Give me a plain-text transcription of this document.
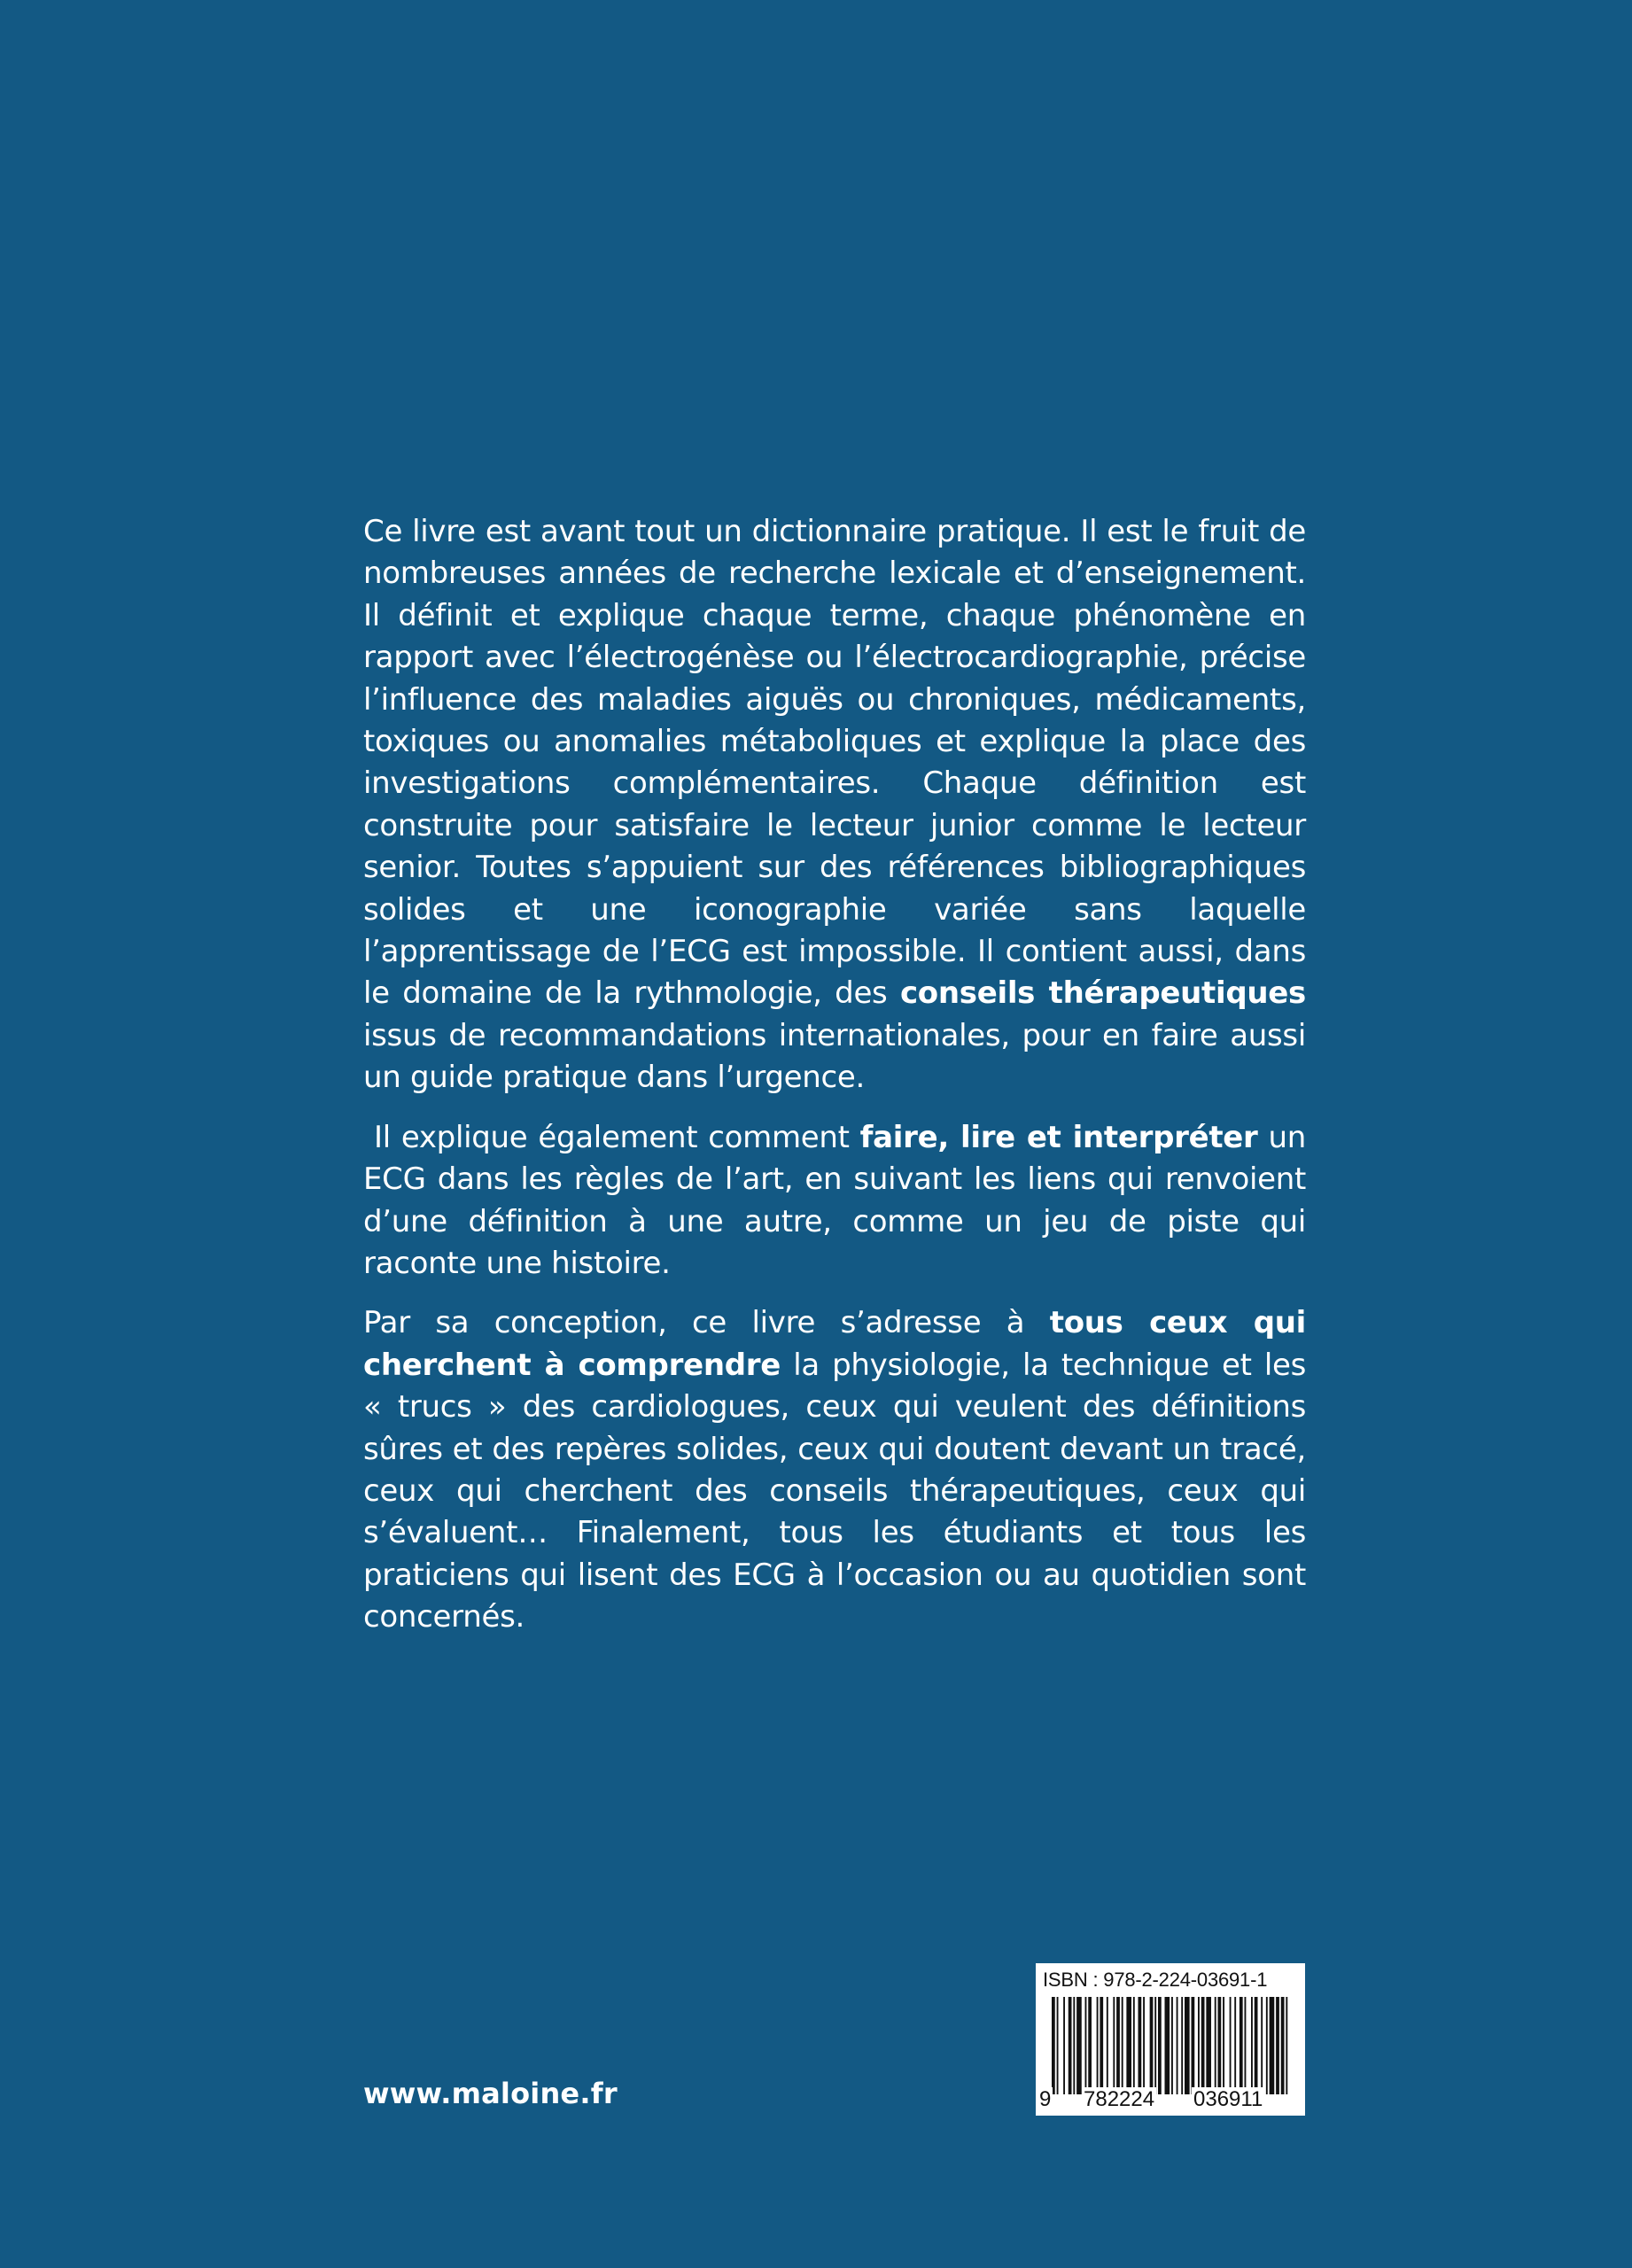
Ce livre est avant tout un dictionnaire pratique. Il est le fruit de nombreuses années de recherche lexicale et d’enseignement. Il définit et explique chaque terme, chaque phénomène en rapport avec l’électrogénèse ou l’électrocardiographie, précise l’influence des maladies aiguës ou chroniques, médicaments, toxiques ou anomalies métaboliques et explique la place des investigations complémentaires. Chaque définition est construite pour satisfaire le lecteur junior comme le lecteur senior. Toutes s’appuient sur des références bibliographiques solides et une iconographie variée sans laquelle l’apprentissage de l’ECG est impossible. Il contient aussi, dans le domaine de la rythmologie, des conseils thérapeutiques issus de recommandations internationales, pour en faire aussi un guide pratique dans l’urgence.

Il explique également comment faire, lire et interpréter un ECG dans les règles de l’art, en suivant les liens qui renvoient d’une définition à une autre, comme un jeu de piste qui raconte une histoire.

Par sa conception, ce livre s’adresse à tous ceux qui cherchent à comprendre la physiologie, la technique et les « trucs » des cardiologues, ceux qui veulent des définitions sûres et des repères solides, ceux qui doutent devant un tracé, ceux qui cherchent des conseils thérapeutiques, ceux qui s’évaluent… Finalement, tous les étudiants et tous les praticiens qui lisent des ECG à l’occasion ou au quotidien sont concernés.

www.maloine.fr
ISBN : 978-2-224-03691-1
9 782224 036911
